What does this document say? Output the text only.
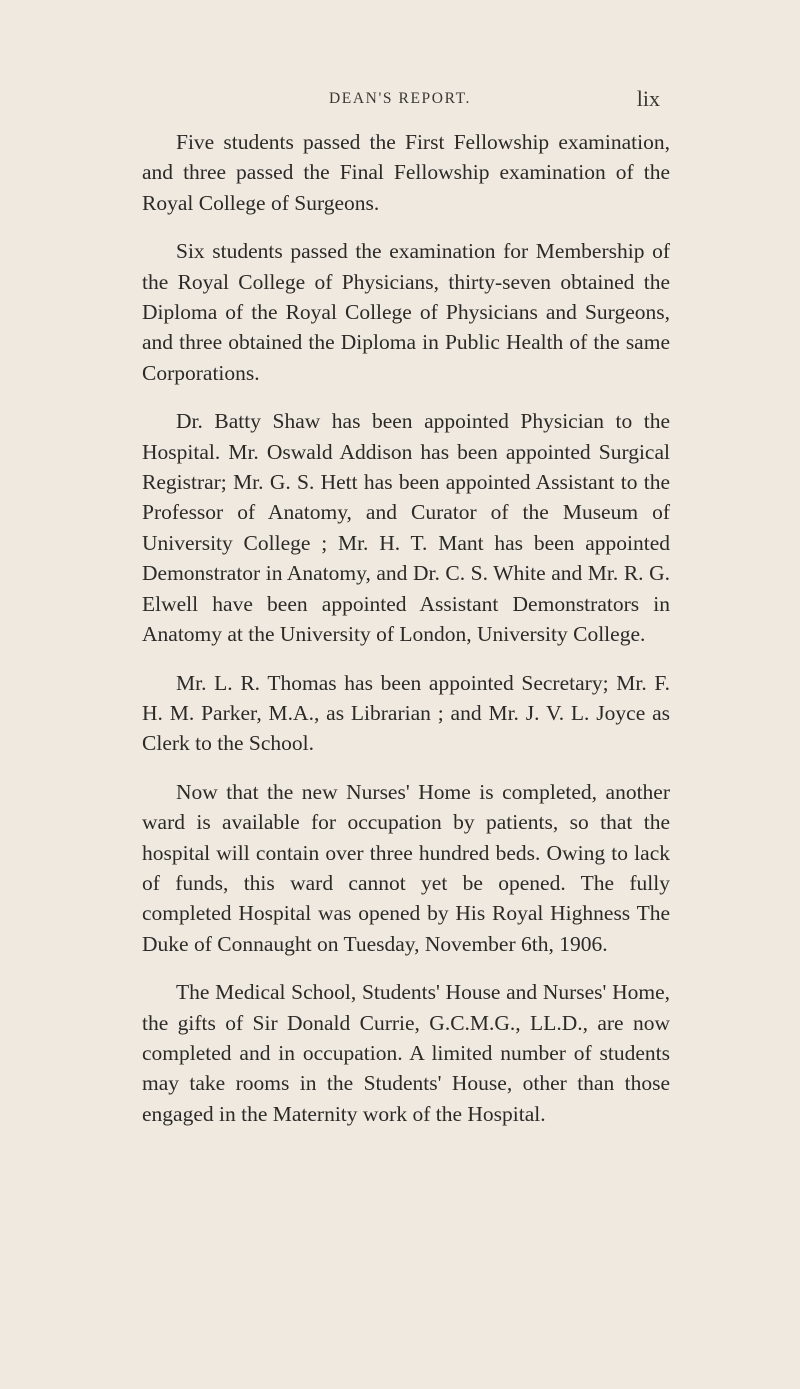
DEAN'S REPORT.	lix

Five students passed the First Fellowship examination, and three passed the Final Fellowship examination of the Royal College of Surgeons.

Six students passed the examination for Membership of the Royal College of Physicians, thirty-seven obtained the Diploma of the Royal College of Physicians and Surgeons, and three obtained the Diploma in Public Health of the same Corporations.

Dr. Batty Shaw has been appointed Physician to the Hospital. Mr. Oswald Addison has been appointed Surgical Registrar; Mr. G. S. Hett has been appointed Assistant to the Professor of Anatomy, and Curator of the Museum of University College ; Mr. H. T. Mant has been appointed Demonstrator in Anatomy, and Dr. C. S. White and Mr. R. G. Elwell have been appointed Assistant Demonstrators in Anatomy at the University of London, University College.

Mr. L. R. Thomas has been appointed Secretary; Mr. F. H. M. Parker, M.A., as Librarian ; and Mr. J. V. L. Joyce as Clerk to the School.

Now that the new Nurses' Home is completed, another ward is available for occupation by patients, so that the hospital will contain over three hundred beds. Owing to lack of funds, this ward cannot yet be opened. The fully completed Hospital was opened by His Royal Highness The Duke of Connaught on Tuesday, November 6th, 1906.

The Medical School, Students' House and Nurses' Home, the gifts of Sir Donald Currie, G.C.M.G., LL.D., are now completed and in occupation. A limited number of students may take rooms in the Students' House, other than those engaged in the Maternity work of the Hospital.
